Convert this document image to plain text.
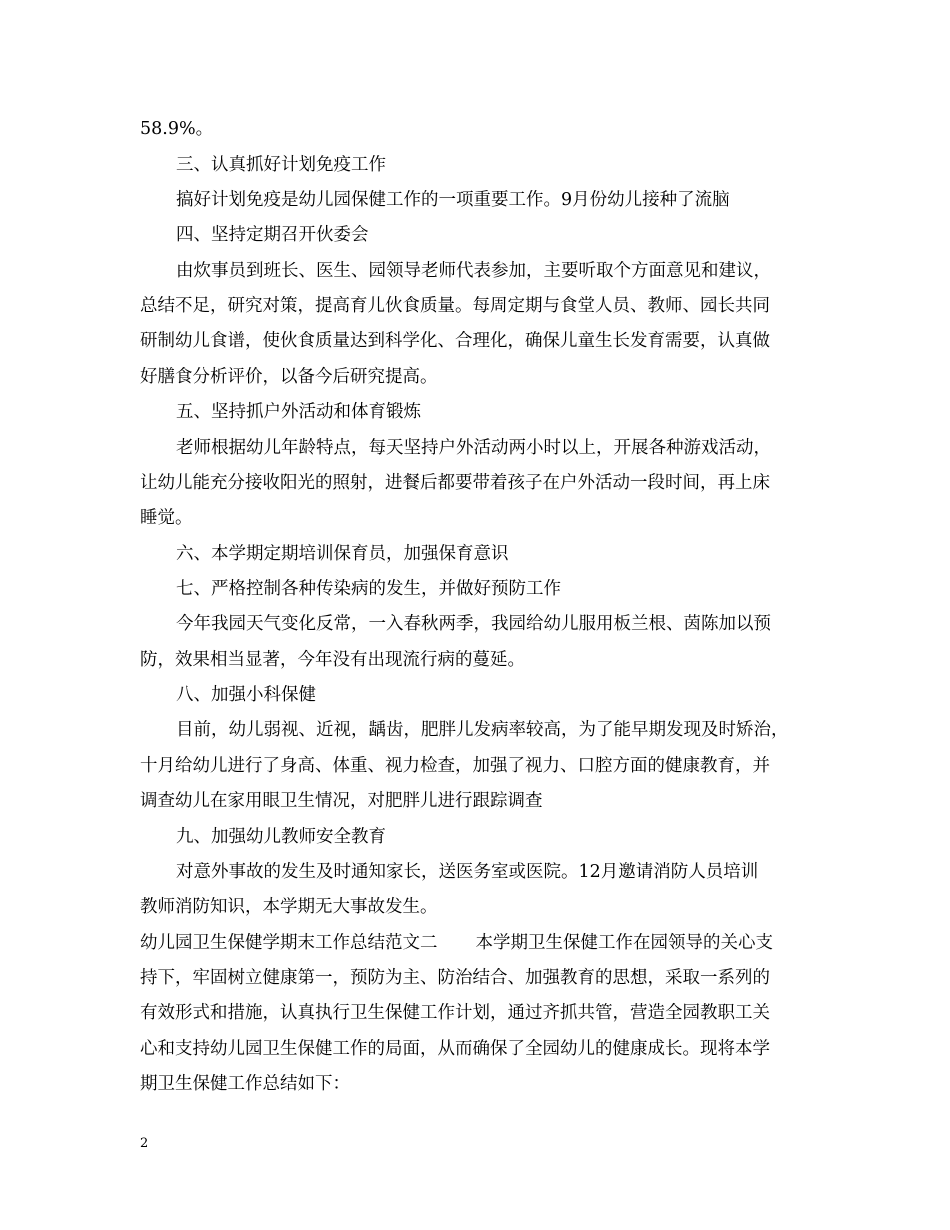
58.9%。
三、认真抓好计划免疫工作
搞好计划免疫是幼儿园保健工作的一项重要工作。9月份幼儿接种了流脑
四、坚持定期召开伙委会
由炊事员到班长、医生、园领导老师代表参加，主要听取个方面意见和建议，
总结不足，研究对策，提高育儿伙食质量。每周定期与食堂人员、教师、园长共同
研制幼儿食谱，使伙食质量达到科学化、合理化，确保儿童生长发育需要，认真做
好膳食分析评价，以备今后研究提高。
五、坚持抓户外活动和体育锻炼
老师根据幼儿年龄特点，每天坚持户外活动两小时以上，开展各种游戏活动，
让幼儿能充分接收阳光的照射，进餐后都要带着孩子在户外活动一段时间，再上床
睡觉。
六、本学期定期培训保育员，加强保育意识
七、严格控制各种传染病的发生，并做好预防工作
今年我园天气变化反常，一入春秋两季，我园给幼儿服用板兰根、茵陈加以预
防，效果相当显著，今年没有出现流行病的蔓延。
八、加强小科保健
目前，幼儿弱视、近视，龋齿，肥胖儿发病率较高，为了能早期发现及时矫治，
十月给幼儿进行了身高、体重、视力检查，加强了视力、口腔方面的健康教育，并
调查幼儿在家用眼卫生情况，对肥胖儿进行跟踪调查
九、加强幼儿教师安全教育
对意外事故的发生及时通知家长，送医务室或医院。12月邀请消防人员培训
教师消防知识，本学期无大事故发生。
幼儿园卫生保健学期末工作总结范文二 本学期卫生保健工作在园领导的关心支
持下，牢固树立健康第一，预防为主、防治结合、加强教育的思想，采取一系列的
有效形式和措施，认真执行卫生保健工作计划，通过齐抓共管，营造全园教职工关
心和支持幼儿园卫生保健工作的局面，从而确保了全园幼儿的健康成长。现将本学
期卫生保健工作总结如下：
2
